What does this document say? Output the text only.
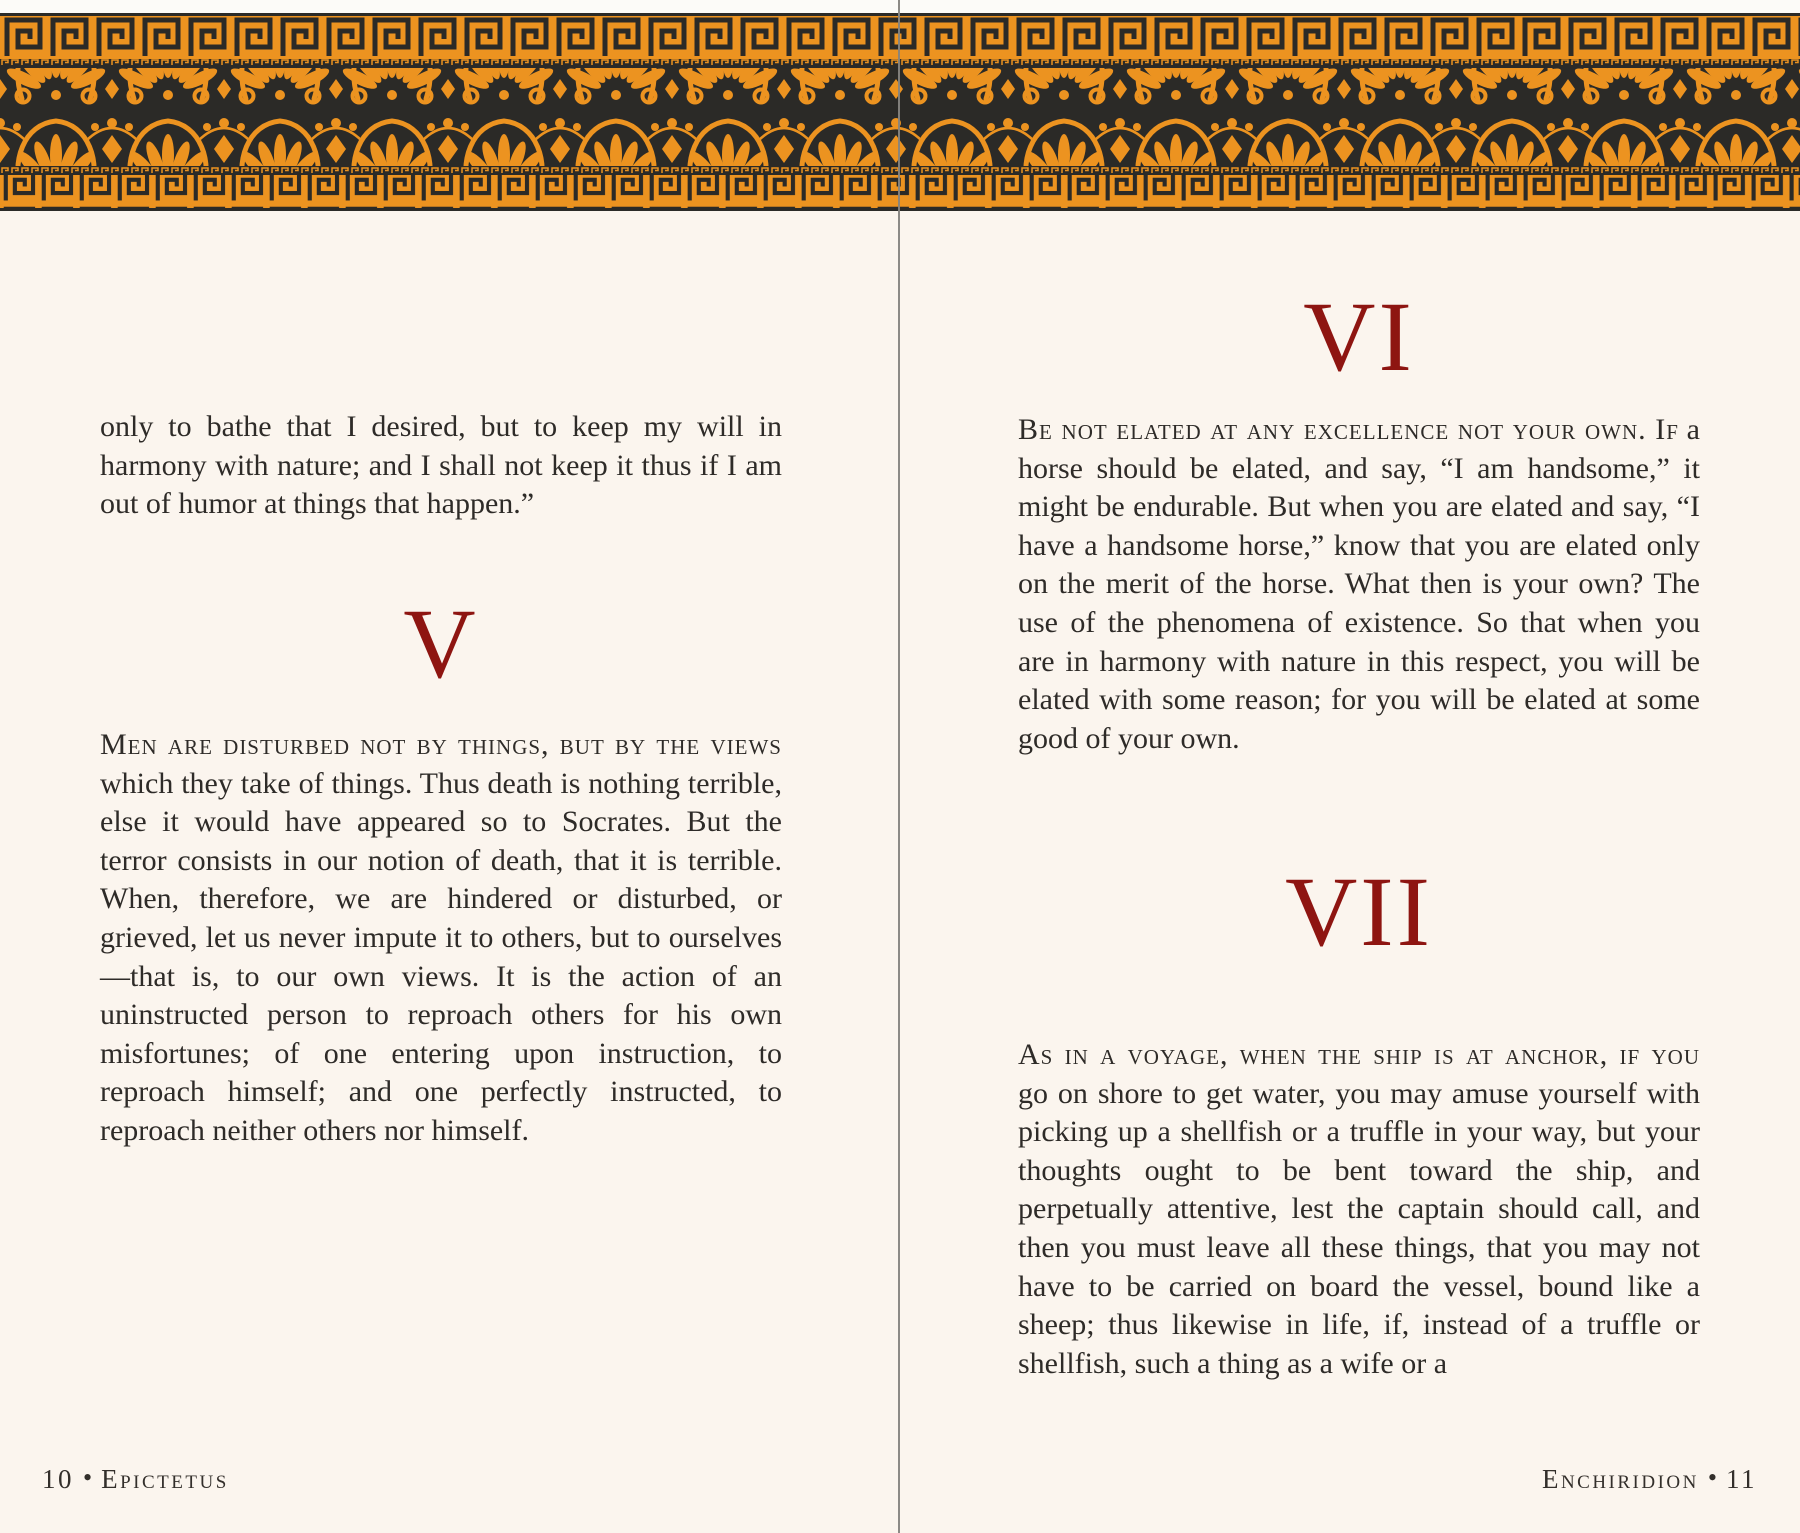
only to bathe that I desired, but to keep my will in harmony with nature; and I shall not keep it thus if I am out of humor at things that happen.”

V

Men are disturbed not by things, but by the views which they take of things. Thus death is nothing terrible, else it would have appeared so to Socrates. But the terror consists in our notion of death, that it is terrible. When, therefore, we are hindered or disturbed, or grieved, let us never impute it to others, but to ourselves—that is, to our own views. It is the action of an uninstructed person to reproach others for his own misfortunes; of one entering upon instruction, to reproach himself; and one perfectly instructed, to reproach neither others nor himself.

10 • Epictetus
VI

Be not elated at any excellence not your own. If a horse should be elated, and say, “I am handsome,” it might be endurable. But when you are elated and say, “I have a handsome horse,” know that you are elated only on the merit of the horse. What then is your own? The use of the phenomena of existence. So that when you are in harmony with nature in this respect, you will be elated with some reason; for you will be elated at some good of your own.

VII

As in a voyage, when the ship is at anchor, if you go on shore to get water, you may amuse yourself with picking up a shellfish or a truffle in your way, but your thoughts ought to be bent toward the ship, and perpetually attentive, lest the captain should call, and then you must leave all these things, that you may not have to be carried on board the vessel, bound like a sheep; thus likewise in life, if, instead of a truffle or shellfish, such a thing as a wife or a

Enchiridion • 11
